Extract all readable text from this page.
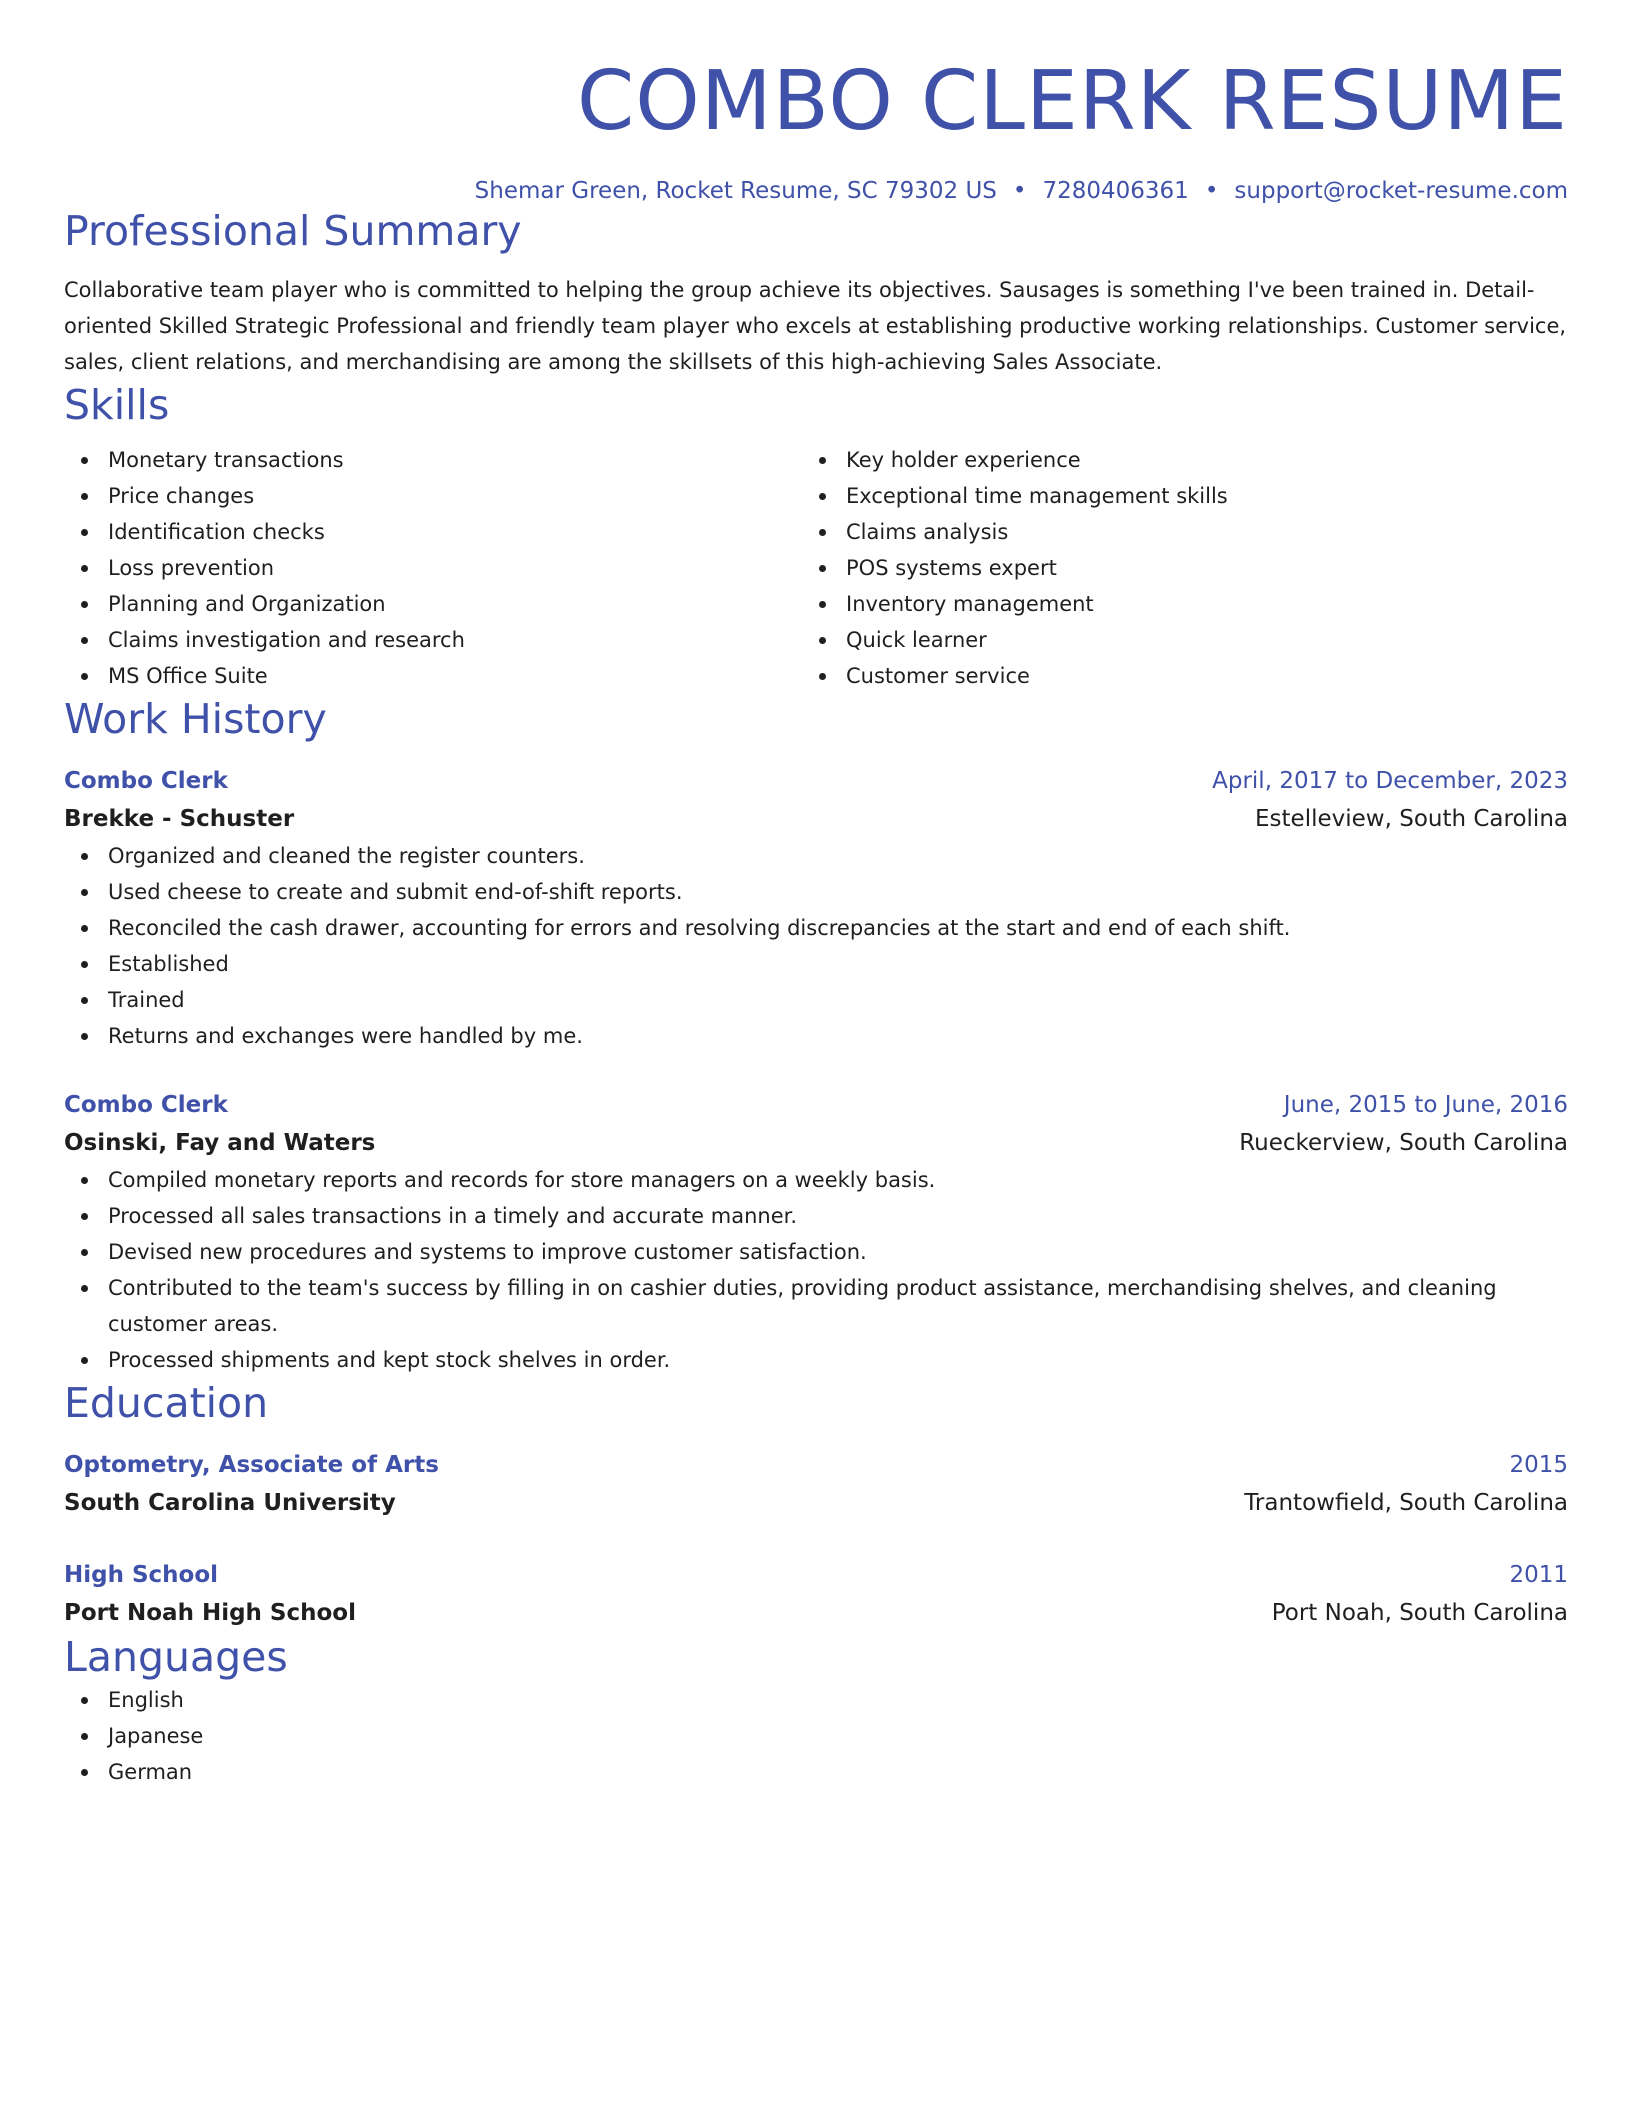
COMBO CLERK RESUME
Shemar Green, Rocket Resume, SC 79302 US • 7280406361 • support@rocket-resume.com
Professional Summary
Collaborative team player who is committed to helping the group achieve its objectives. Sausages is something I've been trained in. Detail-oriented Skilled Strategic Professional and friendly team player who excels at establishing productive working relationships. Customer service, sales, client relations, and merchandising are among the skillsets of this high-achieving Sales Associate.
Skills
Monetary transactions
Price changes
Identification checks
Loss prevention
Planning and Organization
Claims investigation and research
MS Office Suite
Key holder experience
Exceptional time management skills
Claims analysis
POS systems expert
Inventory management
Quick learner
Customer service
Work History
Combo Clerk	April, 2017 to December, 2023
Brekke - Schuster	Estelleview, South Carolina
Organized and cleaned the register counters.
Used cheese to create and submit end-of-shift reports.
Reconciled the cash drawer, accounting for errors and resolving discrepancies at the start and end of each shift.
Established
Trained
Returns and exchanges were handled by me.
Combo Clerk	June, 2015 to June, 2016
Osinski, Fay and Waters	Rueckerview, South Carolina
Compiled monetary reports and records for store managers on a weekly basis.
Processed all sales transactions in a timely and accurate manner.
Devised new procedures and systems to improve customer satisfaction.
Contributed to the team's success by filling in on cashier duties, providing product assistance, merchandising shelves, and cleaning customer areas.
Processed shipments and kept stock shelves in order.
Education
Optometry, Associate of Arts	2015
South Carolina University	Trantowfield, South Carolina
High School	2011
Port Noah High School	Port Noah, South Carolina
Languages
English
Japanese
German
